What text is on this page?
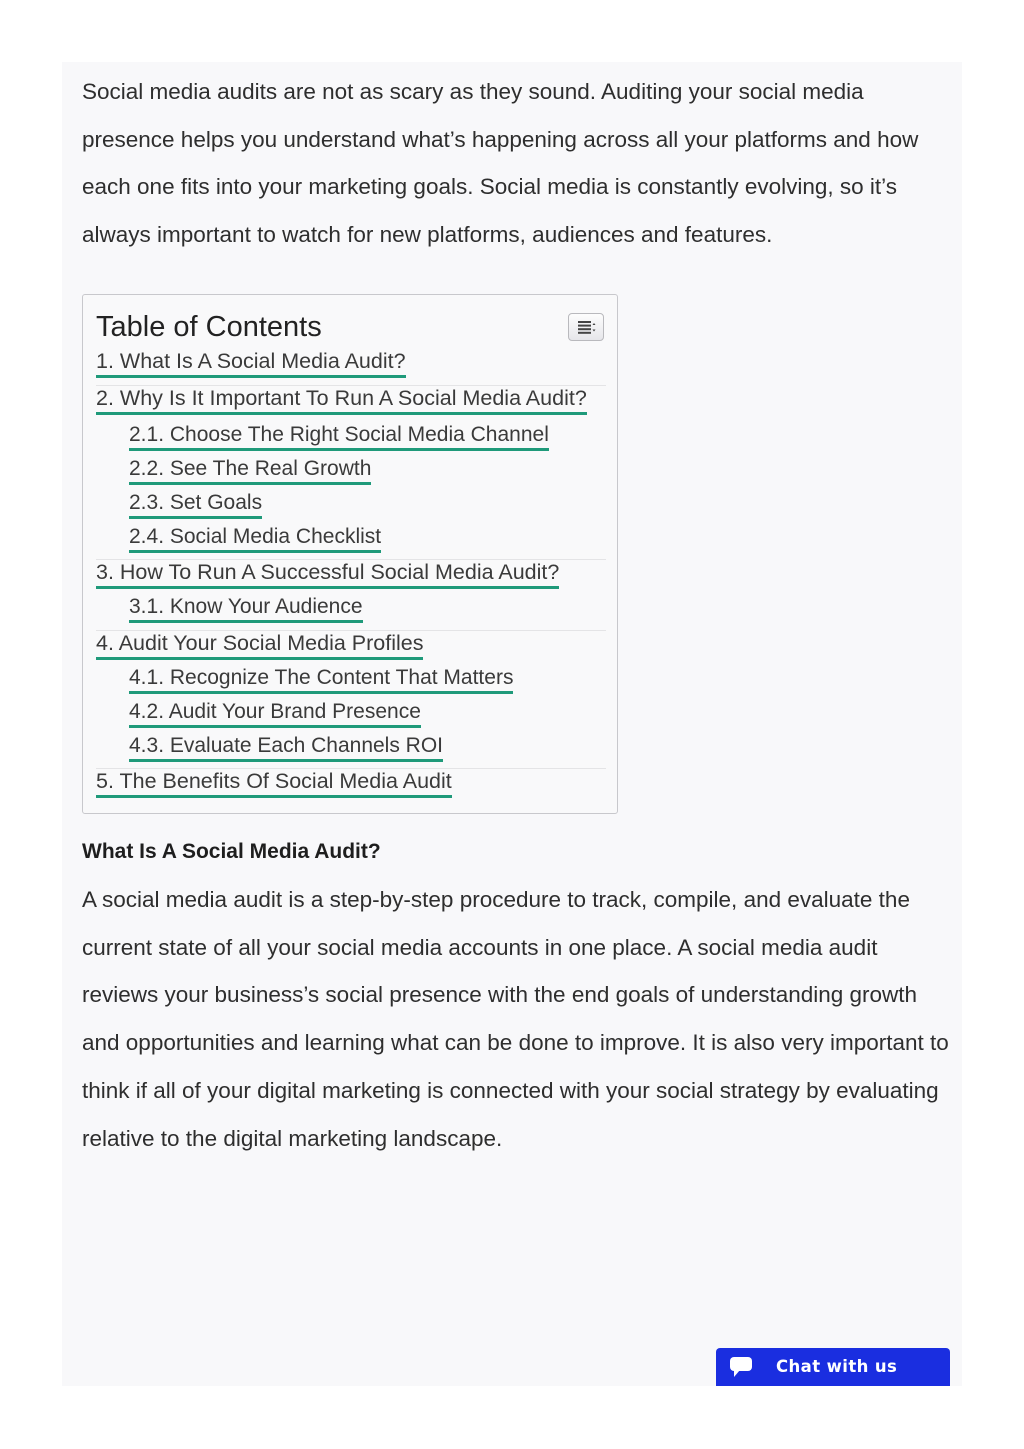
Social media audits are not as scary as they sound. Auditing your social media presence helps you understand what’s happening across all your platforms and how each one fits into your marketing goals. Social media is constantly evolving, so it’s always important to watch for new platforms, audiences and features.

Table of Contents
1. What Is A Social Media Audit?
2. Why Is It Important To Run A Social Media Audit?
2.1. Choose The Right Social Media Channel
2.2. See The Real Growth
2.3. Set Goals
2.4. Social Media Checklist
3. How To Run A Successful Social Media Audit?
3.1. Know Your Audience
4. Audit Your Social Media Profiles
4.1. Recognize The Content That Matters
4.2. Audit Your Brand Presence
4.3. Evaluate Each Channels ROI
5. The Benefits Of Social Media Audit
What Is A Social Media Audit?

A social media audit is a step-by-step procedure to track, compile, and evaluate the current state of all your social media accounts in one place. A social media audit reviews your business’s social presence with the end goals of understanding growth and opportunities and learning what can be done to improve. It is also very important to think if all of your digital marketing is connected with your social strategy by evaluating relative to the digital marketing landscape.

Chat with us
